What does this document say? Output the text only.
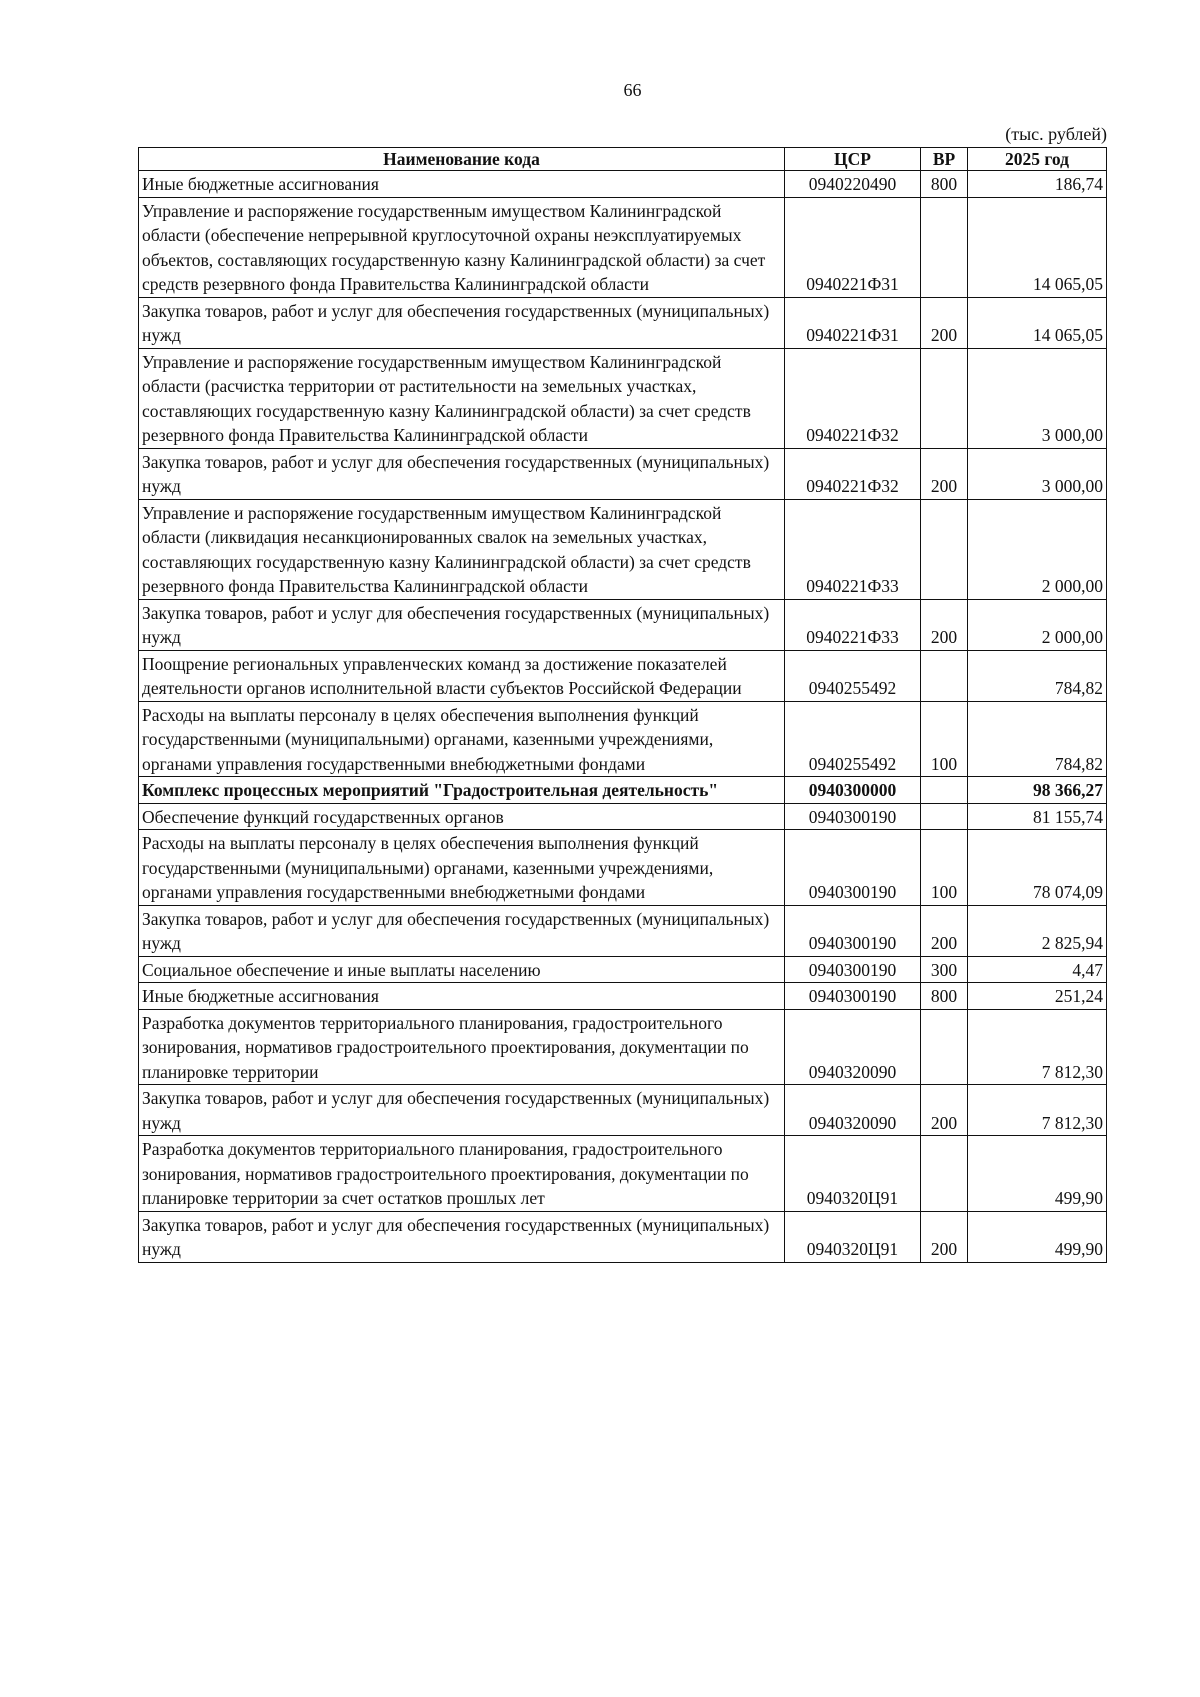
66
(тыс. рублей)
Наименование кода	ЦСР	ВР	2025 год
Иные бюджетные ассигнования	0940220490	800	186,74
Управление и распоряжение государственным имуществом Калининградской области (обеспечение непрерывной круглосуточной охраны неэксплуатируемых объектов, составляющих государственную казну Калининградской области) за счет средств резервного фонда Правительства Калининградской области	0940221Ф31		14 065,05
Закупка товаров, работ и услуг для обеспечения государственных (муниципальных) нужд	0940221Ф31	200	14 065,05
Управление и распоряжение государственным имуществом Калининградской области (расчистка территории от растительности на земельных участках, составляющих государственную казну Калининградской области) за счет средств резервного фонда Правительства Калининградской области	0940221Ф32		3 000,00
Закупка товаров, работ и услуг для обеспечения государственных (муниципальных) нужд	0940221Ф32	200	3 000,00
Управление и распоряжение государственным имуществом Калининградской области (ликвидация несанкционированных свалок на земельных участках, составляющих государственную казну Калининградской области) за счет средств резервного фонда Правительства Калининградской области	0940221Ф33		2 000,00
Закупка товаров, работ и услуг для обеспечения государственных (муниципальных) нужд	0940221Ф33	200	2 000,00
Поощрение региональных управленческих команд за достижение показателей деятельности органов исполнительной власти субъектов Российской Федерации	0940255492		784,82
Расходы на выплаты персоналу в целях обеспечения выполнения функций государственными (муниципальными) органами, казенными учреждениями, органами управления государственными внебюджетными фондами	0940255492	100	784,82
Комплекс процессных мероприятий "Градостроительная деятельность"	0940300000		98 366,27
Обеспечение функций государственных органов	0940300190		81 155,74
Расходы на выплаты персоналу в целях обеспечения выполнения функций государственными (муниципальными) органами, казенными учреждениями, органами управления государственными внебюджетными фондами	0940300190	100	78 074,09
Закупка товаров, работ и услуг для обеспечения государственных (муниципальных) нужд	0940300190	200	2 825,94
Социальное обеспечение и иные выплаты населению	0940300190	300	4,47
Иные бюджетные ассигнования	0940300190	800	251,24
Разработка документов территориального планирования, градостроительного зонирования, нормативов градостроительного проектирования, документации по планировке территории	0940320090		7 812,30
Закупка товаров, работ и услуг для обеспечения государственных (муниципальных) нужд	0940320090	200	7 812,30
Разработка документов территориального планирования, градостроительного зонирования, нормативов градостроительного проектирования, документации по планировке территории за счет остатков прошлых лет	0940320Ц91		499,90
Закупка товаров, работ и услуг для обеспечения государственных (муниципальных) нужд	0940320Ц91	200	499,90
